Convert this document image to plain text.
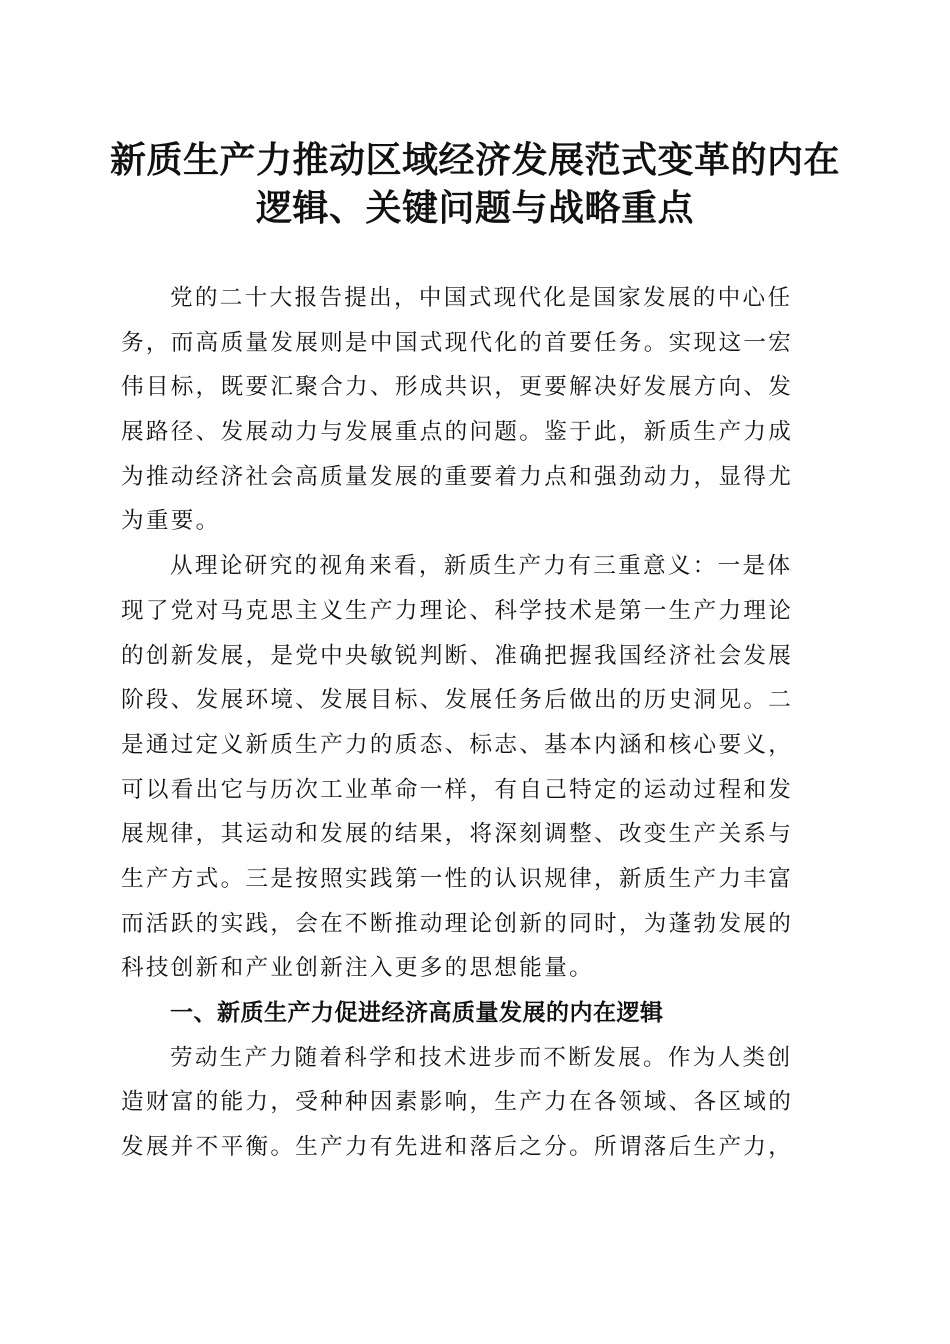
新质生产力推动区域经济发展范式变革的内在
逻辑、关键问题与战略重点
党的二十大报告提出，中国式现代化是国家发展的中心任
务，而高质量发展则是中国式现代化的首要任务。实现这一宏
伟目标，既要汇聚合力、形成共识，更要解决好发展方向、发
展路径、发展动力与发展重点的问题。鉴于此，新质生产力成
为推动经济社会高质量发展的重要着力点和强劲动力，显得尤
为重要。
从理论研究的视角来看，新质生产力有三重意义：一是体
现了党对马克思主义生产力理论、科学技术是第一生产力理论
的创新发展，是党中央敏锐判断、准确把握我国经济社会发展
阶段、发展环境、发展目标、发展任务后做出的历史洞见。二
是通过定义新质生产力的质态、标志、基本内涵和核心要义，
可以看出它与历次工业革命一样，有自己特定的运动过程和发
展规律，其运动和发展的结果，将深刻调整、改变生产关系与
生产方式。三是按照实践第一性的认识规律，新质生产力丰富
而活跃的实践，会在不断推动理论创新的同时，为蓬勃发展的
科技创新和产业创新注入更多的思想能量。
一、新质生产力促进经济高质量发展的内在逻辑
劳动生产力随着科学和技术进步而不断发展。作为人类创
造财富的能力，受种种因素影响，生产力在各领域、各区域的
发展并不平衡。生产力有先进和落后之分。所谓落后生产力，
